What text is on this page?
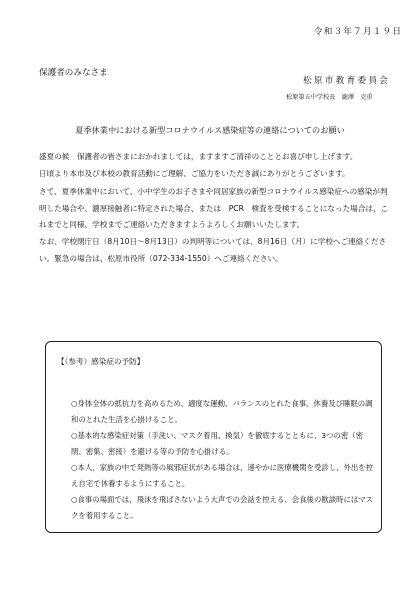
令和３年７月１９日
保護者のみなさま
松原市教育委員会
松原第五中学校長　瀧澤　克重
夏季休業中における新型コロナウイルス感染症等の連絡についてのお願い
盛夏の候　保護者の皆さまにおかれましては，ますますご清祥のこととお喜び申し上げます。
日頃より本市及び本校の教育活動にご理解、ご協力をいただき誠にありがとうございます。
さて、夏季休業中において、小中学生のお子さまや同居家族の新型コロナウイルス感染症への感染が判明した場合や、濃厚接触者に特定された場合、または　PCR　検査を受検することになった場合は，これまでと同様、学校までご連絡いただきますようよろしくお願いいたします。
なお、学校閉庁日（8月10日～8月13日）の判明等については、8月16日（月）に学校へご連絡ください。緊急の場合は、松原市役所（072-334-1550）へご連絡ください。
【（参考）感染症の予防】
○身体全体の抵抗力を高めるため、適度な運動、バランスのとれた食事、休養及び睡眠の調和のとれた生活を心掛けること。
○基本的な感染症対策（手洗い、マスク着用、換気）を徹底するとともに、3つの密（密閉、密集、密接）を避ける等の予防を心掛ける。
○本人、家族の中で発熱等の風邪症状がある場合は、速やかに医療機関を受診し、外出を控え自宅で休養するようにすること。
○食事の場面では，飛沫を飛ばさないよう大声での会話を控える、会食後の歓談時にはマスクを着用すること。
